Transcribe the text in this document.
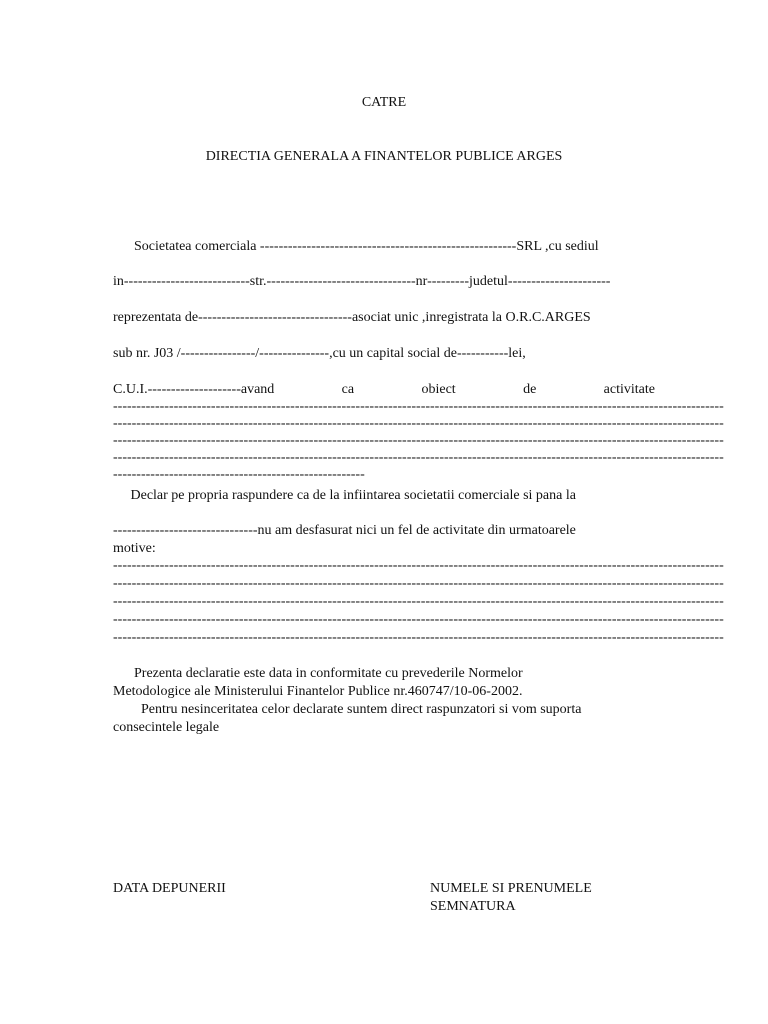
CATRE
DIRECTIA GENERALA A FINANTELOR PUBLICE ARGES
Societatea comerciala -------------------------------------------------------SRL ,cu sediul
in---------------------------str.--------------------------------nr---------judetul----------------------
reprezentata de---------------------------------asociat unic ,inregistrata la O.R.C.ARGES
sub nr. J03 /----------------/---------------,cu un capital social de-----------lei,
C.U.I.--------------------avand	ca	obiect	de	activitate
-----------------------------------------------------------------------------------------------------------------------------------
-----------------------------------------------------------------------------------------------------------------------------------
-----------------------------------------------------------------------------------------------------------------------------------
-----------------------------------------------------------------------------------------------------------------------------------
------------------------------------------------------
Declar pe propria raspundere ca de la infiintarea societatii comerciale si pana la
-------------------------------nu am desfasurat nici un fel de activitate din urmatoarele
motive:
-----------------------------------------------------------------------------------------------------------------------------------
-----------------------------------------------------------------------------------------------------------------------------------
-----------------------------------------------------------------------------------------------------------------------------------
-----------------------------------------------------------------------------------------------------------------------------------
-----------------------------------------------------------------------------------------------------------------------------------
Prezenta declaratie este data in conformitate cu prevederile Normelor
Metodologice ale Ministerului Finantelor Publice nr.460747/10-06-2002.
Pentru nesinceritatea celor declarate suntem direct raspunzatori si vom suporta
consecintele legale
DATA DEPUNERII	NUMELE SI PRENUMELE
SEMNATURA
